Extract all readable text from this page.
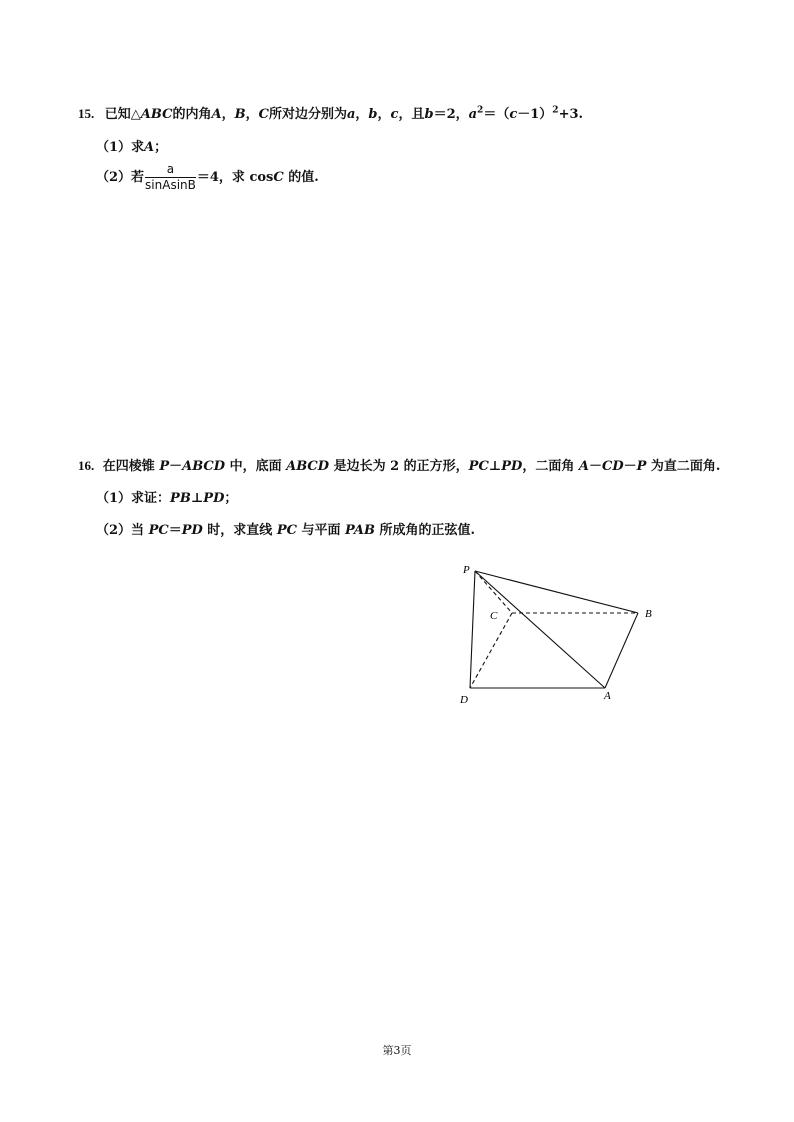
15. 已知△ABC的内角A，B，C所对边分别为a，b，c，且b＝2，$a^2=(c-1)^2+3$.
（1）求A；
（2）若 $\frac{a}{\text{sinAsinB}} =4$，求 cosC 的值.
16. 在四棱锥 P－ABCD 中，底面 ABCD 是边长为 2 的正方形，PC⊥PD，二面角 A－CD－P 为直二面角.
（1）求证：PB⊥PD；
（2）当 PC＝PD 时，求直线 PC 与平面 PAB 所成角的正弦值.
P
C	B
D	A
第3页
